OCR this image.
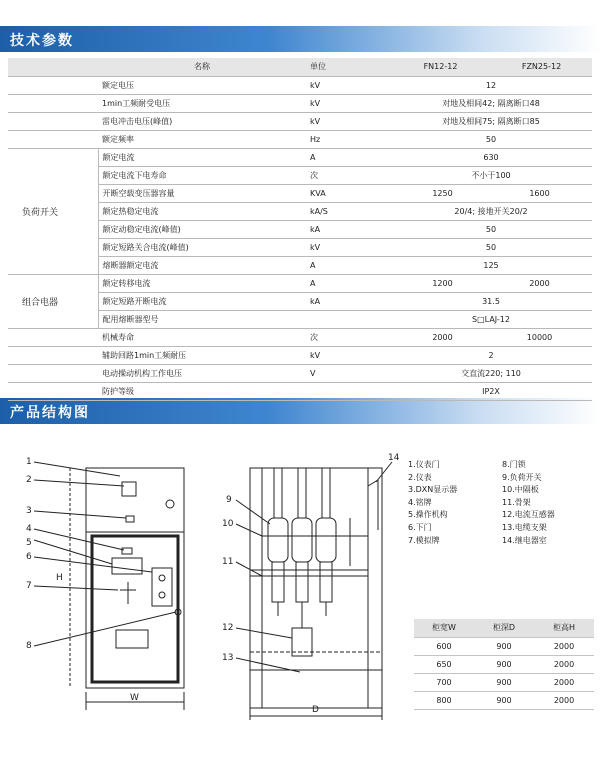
技术参数
产品结构图
	名称	单位	FN12-12	FZN25-12
	额定电压	kV	12	
	1min工频耐受电压	kV	对地及相间42; 隔离断口48	
	雷电冲击电压(峰值)	kV	对地及相间75; 隔离断口85	
	额定频率	Hz	50	
负荷开关	额定电流	A	630	
	额定电流下电寿命	次	不小于100	
	开断空载变压器容量	KVA	1250 1600	
	额定热稳定电流	kA/S	20/4; 接地开关20/2	
	额定动稳定电流(峰值)	kA	50	
	额定短路关合电流(峰值)	kV	50	
	熔断器额定电流	A	125	
组合电器	额定转移电流	A	1200 2000	
	额定短路开断电流	kA	31.5	
	配用熔断器型号		S□LAJ-12	
	机械寿命	次	2000 10000	
	辅助回路1min工频耐压	kV	2	
	电动操动机构工作电压	V	交直流220; 110	
	防护等级		IP2X	
1
2
3
4
5
6
7
8
9
10
11
12
13
14
H
W
D
1.仪表门	8.门锁
2.仪表	9.负荷开关
3.DXN显示器	10.中隔板
4.铭牌	11.骨架
5.操作机构	12.电流互感器
6.下门	13.电缆支架
7.模拟牌	14.继电器室
柜宽W	柜深D	柜高H
600	900	2000
650	900	2000
700	900	2000
800	900	2000
